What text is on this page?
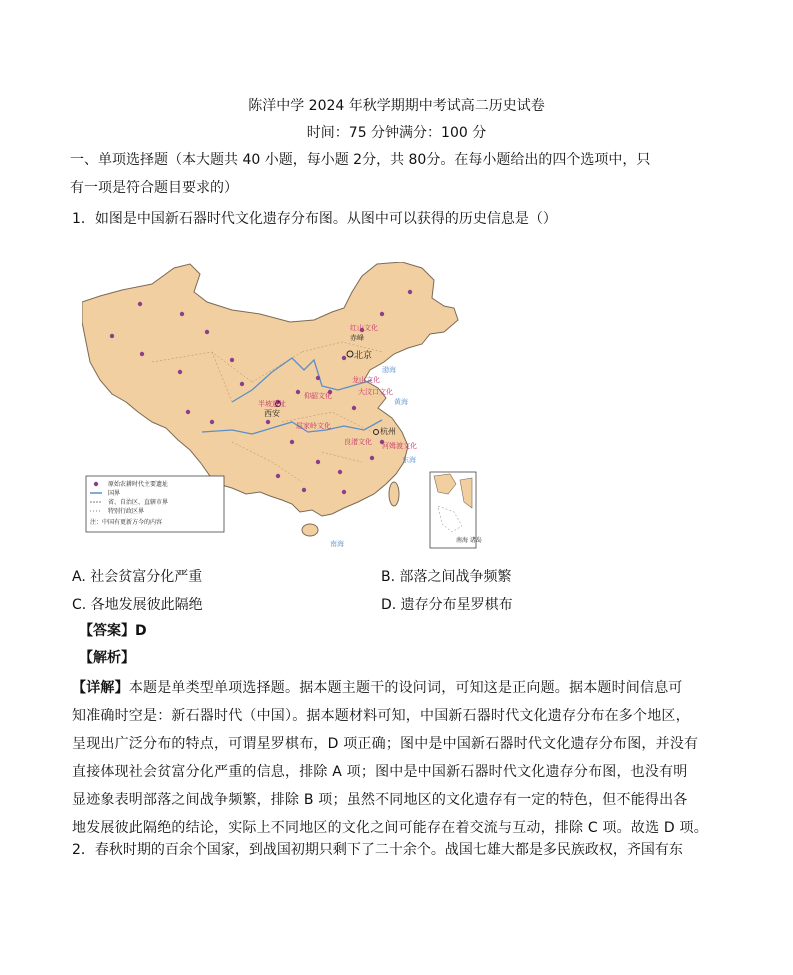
陈洋中学 2024 年秋学期期中考试高二历史试卷
时间：75 分钟满分：100 分
一、单项选择题（本大题共 40 小题，每小题 2分，共 80分。在每小题给出的四个选项中，只
有一项是符合题目要求的）
1．如图是中国新石器时代文化遗存分布图。从图中可以获得的历史信息是（）
红山文化
赤峰
北京
龙山文化
大汶口文化
仰韶文化
半坡遗址
西安
屈家岭文化
良渚文化
杭州
河姆渡文化
渤海
黄海
东海
南海
原始农耕时代主要遗址
国界
省、自治区、直辖市界
特别行政区界
注：中国有更新方今的内容
南海 诸岛
A. 社会贫富分化严重	B. 部落之间战争频繁
C. 各地发展彼此隔绝	D. 遗存分布星罗棋布
【答案】D
【解析】
【详解】本题是单类型单项选择题。据本题主题干的设问词，可知这是正向题。据本题时间信息可
知准确时空是：新石器时代（中国）。据本题材料可知，中国新石器时代文化遗存分布在多个地区，
呈现出广泛分布的特点，可谓星罗棋布，D 项正确；图中是中国新石器时代文化遗存分布图，并没有
直接体现社会贫富分化严重的信息，排除 A 项；图中是中国新石器时代文化遗存分布图，也没有明
显迹象表明部落之间战争频繁，排除 B 项；虽然不同地区的文化遗存有一定的特色，但不能得出各
地发展彼此隔绝的结论，实际上不同地区的文化之间可能存在着交流与互动，排除 C 项。故选 D 项。
2．春秋时期的百余个国家，到战国初期只剩下了二十余个。战国七雄大都是多民族政权，齐国有东
